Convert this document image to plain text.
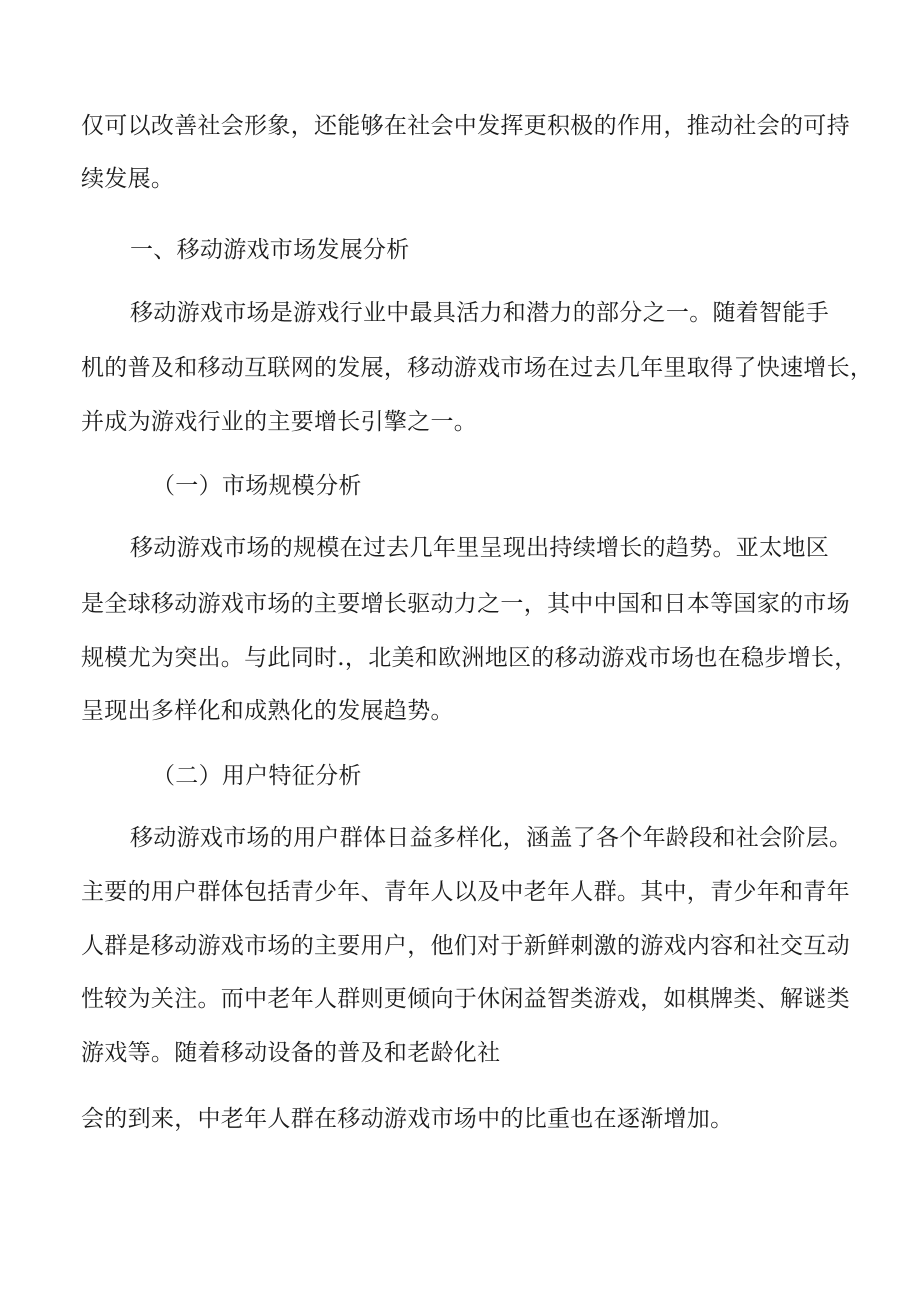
仅可以改善社会形象，还能够在社会中发挥更积极的作用，推动社会的可持
续发展。
一、移动游戏市场发展分析
移动游戏市场是游戏行业中最具活力和潜力的部分之一。随着智能手
机的普及和移动互联网的发展，移动游戏市场在过去几年里取得了快速增长，
并成为游戏行业的主要增长引擎之一。
（一）市场规模分析
移动游戏市场的规模在过去几年里呈现出持续增长的趋势。亚太地区
是全球移动游戏市场的主要增长驱动力之一，其中中国和日本等国家的市场
规模尤为突出。与此同时.，北美和欧洲地区的移动游戏市场也在稳步增长，
呈现出多样化和成熟化的发展趋势。
（二）用户特征分析
移动游戏市场的用户群体日益多样化，涵盖了各个年龄段和社会阶层。
主要的用户群体包括青少年、青年人以及中老年人群。其中，青少年和青年
人群是移动游戏市场的主要用户，他们对于新鲜刺激的游戏内容和社交互动
性较为关注。而中老年人群则更倾向于休闲益智类游戏，如棋牌类、解谜类
游戏等。随着移动设备的普及和老龄化社
会的到来，中老年人群在移动游戏市场中的比重也在逐渐增加。
